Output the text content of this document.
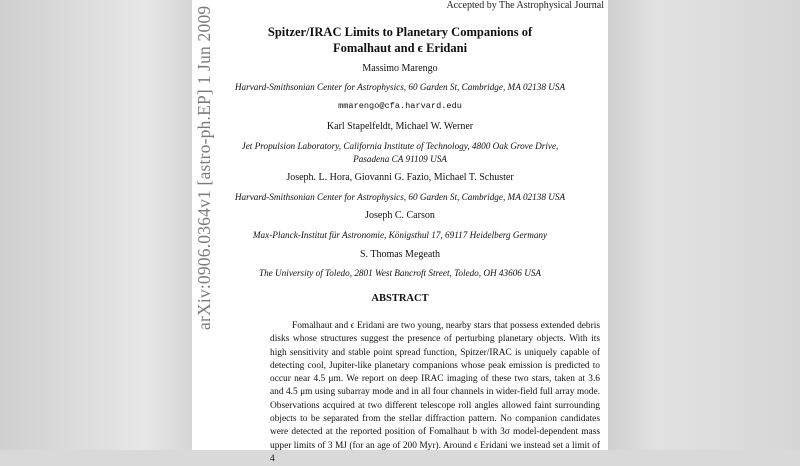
Accepted by The Astrophysical Journal
Spitzer/IRAC Limits to Planetary Companions of
Fomalhaut and ϵ Eridani
Massimo Marengo
Harvard-Smithsonian Center for Astrophysics, 60 Garden St, Cambridge, MA 02138 USA
mmarengo@cfa.harvard.edu
Karl Stapelfeldt, Michael W. Werner
Jet Propulsion Laboratory, California Institute of Technology, 4800 Oak Grove Drive,
Pasadena CA 91109 USA
Joseph. L. Hora, Giovanni G. Fazio, Michael T. Schuster
Harvard-Smithsonian Center for Astrophysics, 60 Garden St, Cambridge, MA 02138 USA
Joseph C. Carson
Max-Planck-Institut für Astronomie, Königsthul 17, 69117 Heidelberg Germany
S. Thomas Megeath
The University of Toledo, 2801 West Bancroft Street, Toledo, OH 43606 USA
ABSTRACT

Fomalhaut and ϵ Eridani are two young, nearby stars that possess extended debris disks whose structures suggest the presence of perturbing planetary objects. With its high sensitivity and stable point spread function, Spitzer/IRAC is uniquely capable of detecting cool, Jupiter-like planetary companions whose peak emission is predicted to occur near 4.5 μm. We report on deep IRAC imaging of these two stars, taken at 3.6 and 4.5 μm using subarray mode and in all four channels in wider-field full array mode. Observations acquired at two different telescope roll angles allowed faint surrounding objects to be separated from the stellar diffraction pattern. No companion candidates were detected at the reported position of Fomalhaut b with 3σ model-dependent mass upper limits of 3 MJ (for an age of 200 Myr). Around ϵ Eridani we instead set a limit of 4

arXiv:0906.0364v1 [astro-ph.EP] 1 Jun 2009
